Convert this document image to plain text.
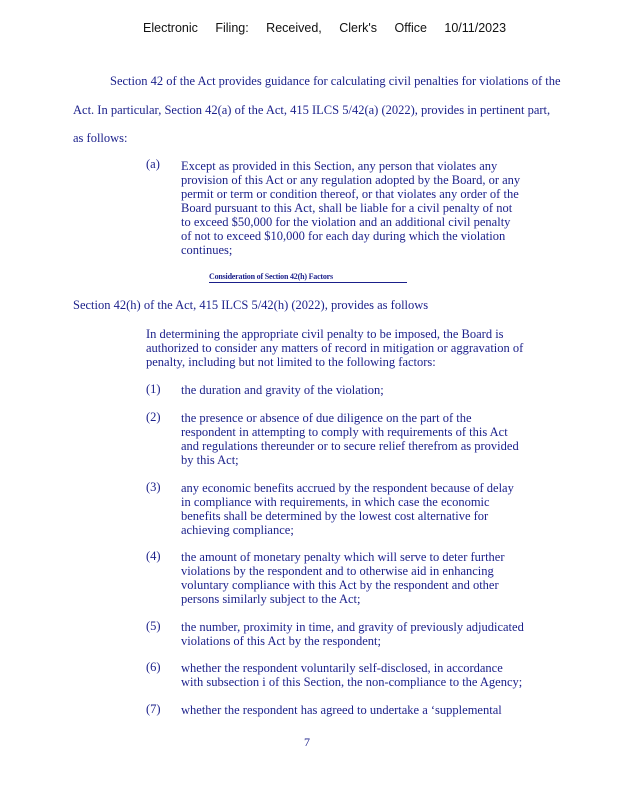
Electronic Filing: Received, Clerk's Office 10/11/2023
Section 42 of the Act provides guidance for calculating civil penalties for violations of the
Act. In particular, Section 42(a) of the Act, 415 ILCS 5/42(a) (2022), provides in pertinent part,
as follows:
(a) Except as provided in this Section, any person that violates any
provision of this Act or any regulation adopted by the Board, or any
permit or term or condition thereof, or that violates any order of the
Board pursuant to this Act, shall be liable for a civil penalty of not
to exceed $50,000 for the violation and an additional civil penalty
of not to exceed $10,000 for each day during which the violation
continues;
Consideration of Section 42(h) Factors
Section 42(h) of the Act, 415 ILCS 5/42(h) (2022), provides as follows
In determining the appropriate civil penalty to be imposed, the Board is
authorized to consider any matters of record in mitigation or aggravation of
penalty, including but not limited to the following factors:
(1) the duration and gravity of the violation;
(2) the presence or absence of due diligence on the part of the
respondent in attempting to comply with requirements of this Act
and regulations thereunder or to secure relief therefrom as provided
by this Act;
(3) any economic benefits accrued by the respondent because of delay
in compliance with requirements, in which case the economic
benefits shall be determined by the lowest cost alternative for
achieving compliance;
(4) the amount of monetary penalty which will serve to deter further
violations by the respondent and to otherwise aid in enhancing
voluntary compliance with this Act by the respondent and other
persons similarly subject to the Act;
(5) the number, proximity in time, and gravity of previously adjudicated
violations of this Act by the respondent;
(6) whether the respondent voluntarily self-disclosed, in accordance
with subsection i of this Section, the non-compliance to the Agency;
(7) whether the respondent has agreed to undertake a ‘supplemental
7
